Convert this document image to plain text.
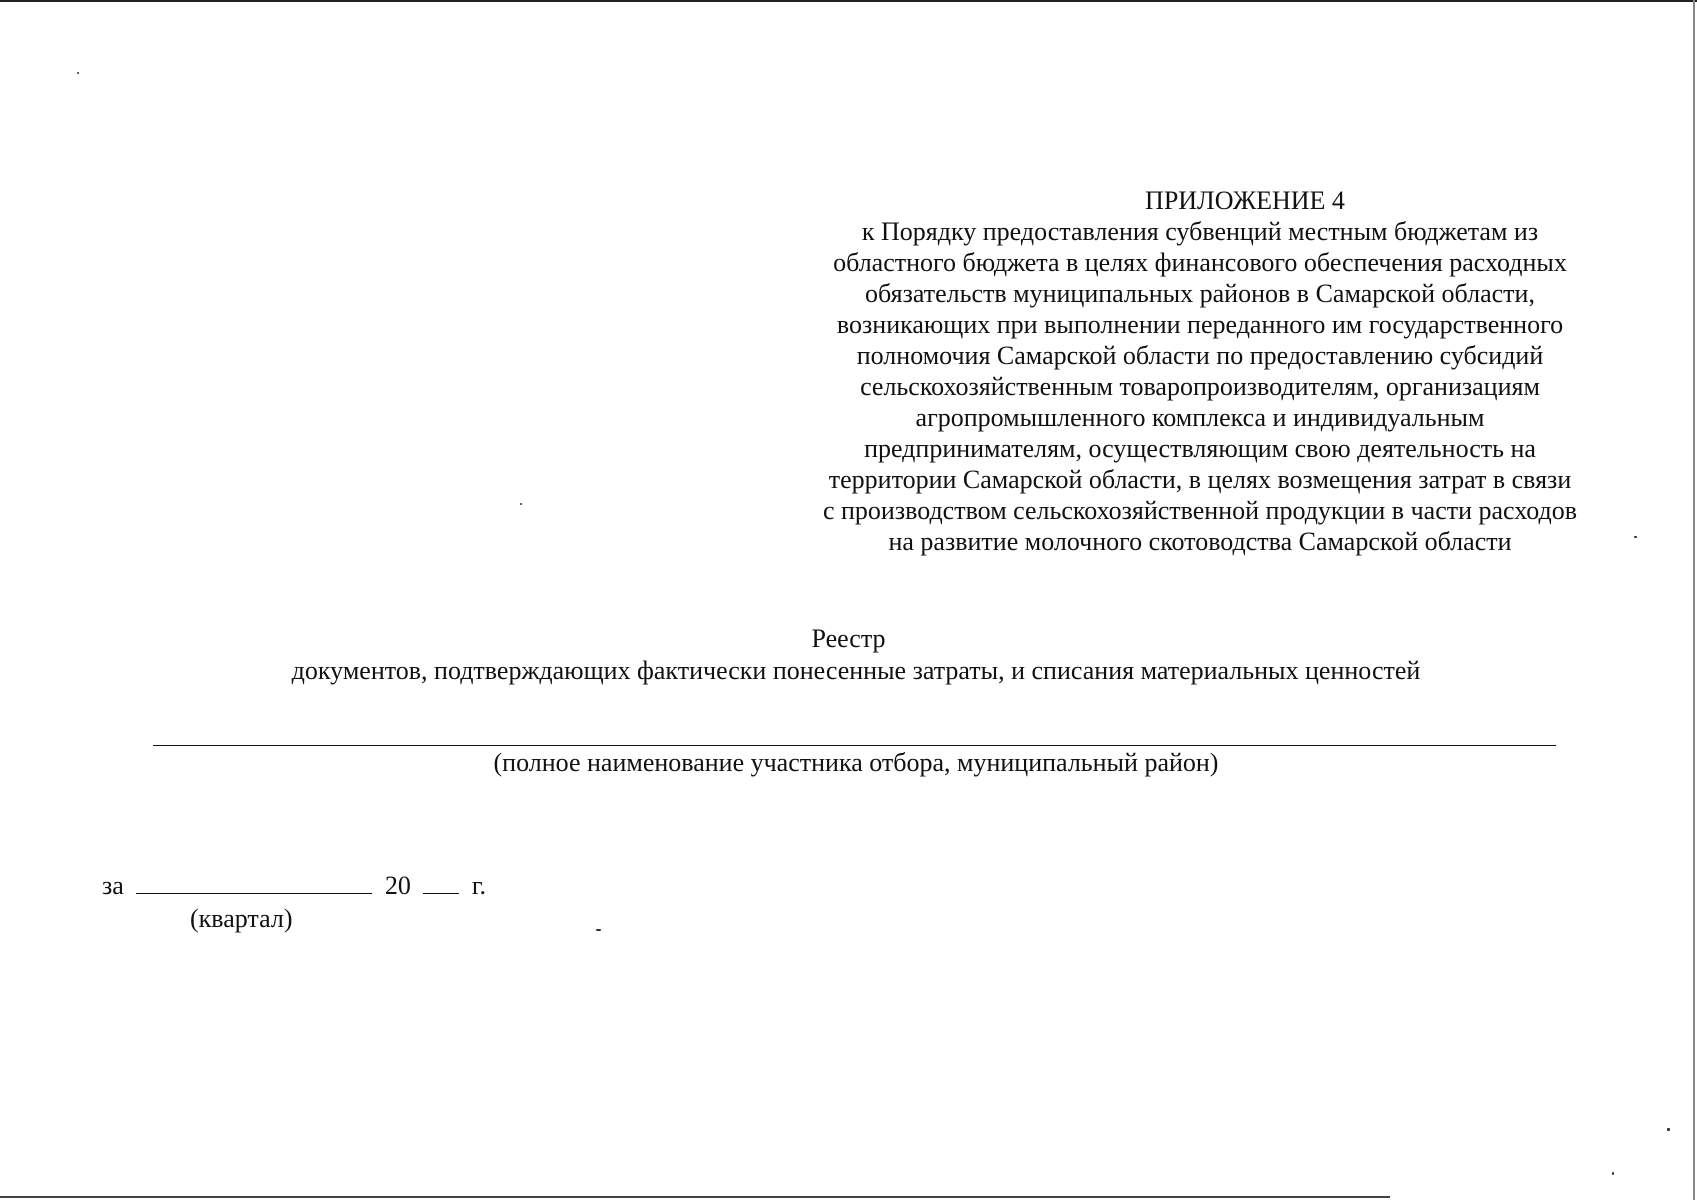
ПРИЛОЖЕНИЕ 4
к Порядку предоставления субвенций местным бюджетам из
областного бюджета в целях финансового обеспечения расходных
обязательств муниципальных районов в Самарской области,
возникающих при выполнении переданного им государственного
полномочия Самарской области по предоставлению субсидий
сельскохозяйственным товаропроизводителям, организациям
агропромышленного комплекса и индивидуальным
предпринимателям, осуществляющим свою деятельность на
территории Самарской области, в целях возмещения затрат в связи
с производством сельскохозяйственной продукции в части расходов
на развитие молочного скотоводства Самарской области
Реестр
документов, подтверждающих фактически понесенные затраты, и списания материальных ценностей
(полное наименование участника отбора, муниципальный район)
за	20 г.
(квартал)
